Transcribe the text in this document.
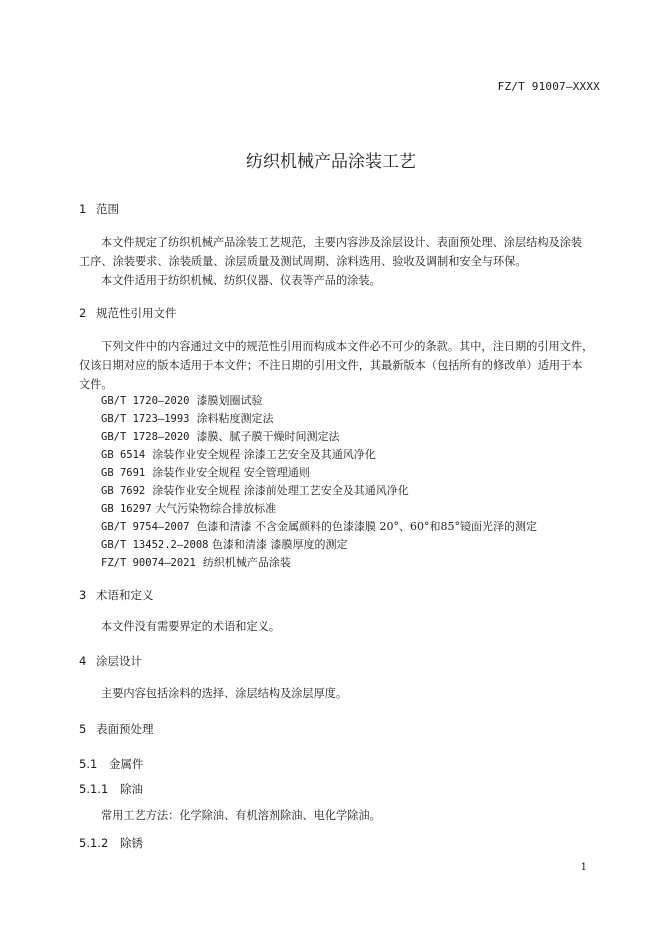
FZ/T 91007—XXXX
纺织机械产品涂装工艺
1 范围
本文件规定了纺织机械产品涂装工艺规范，主要内容涉及涂层设计、表面预处理、涂层结构及涂装
工序、涂装要求、涂装质量、涂层质量及测试周期、涂料选用、验收及调制和安全与环保。
本文件适用于纺织机械、纺织仪器、仪表等产品的涂装。
2 规范性引用文件
下列文件中的内容通过文中的规范性引用而构成本文件必不可少的条款。其中，注日期的引用文件，
仅该日期对应的版本适用于本文件；不注日期的引用文件，其最新版本（包括所有的修改单）适用于本
文件。
GB/T 1720—2020 漆膜划圈试验
GB/T 1723—1993 涂料粘度测定法
GB/T 1728—2020 漆膜、腻子膜干燥时间测定法
GB 6514 涂装作业安全规程 涂漆工艺安全及其通风净化
GB 7691 涂装作业安全规程 安全管理通则
GB 7692 涂装作业安全规程 涂漆前处理工艺安全及其通风净化
GB 16297 大气污染物综合排放标准
GB/T 9754—2007 色漆和清漆 不含金属颜料的色漆漆膜 20°、60°和85°镜面光泽的测定
GB/T 13452.2—2008 色漆和清漆 漆膜厚度的测定
FZ/T 90074—2021 纺织机械产品涂装
3 术语和定义
本文件没有需要界定的术语和定义。
4 涂层设计
主要内容包括涂料的选择、涂层结构及涂层厚度。
5 表面预处理
5.1 金属件
5.1.1 除油
常用工艺方法：化学除油、有机溶剂除油、电化学除油。
5.1.2 除锈
1
